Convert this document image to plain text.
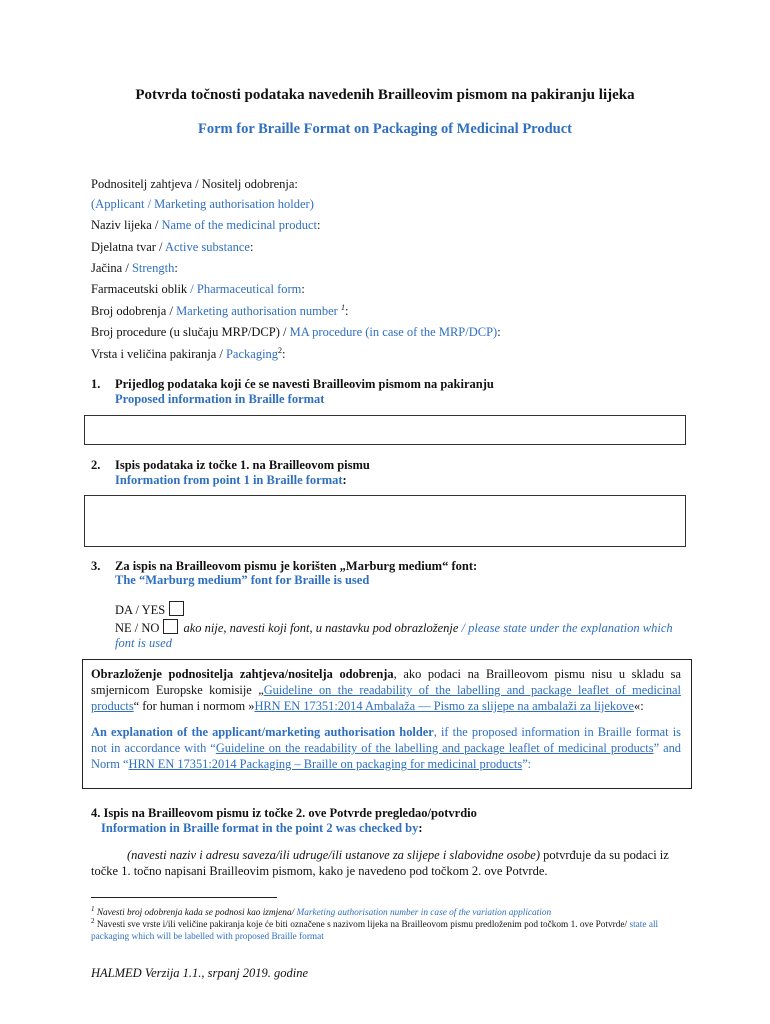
Potvrda točnosti podataka navedenih Brailleovim pismom na pakiranju lijeka
Form for Braille Format on Packaging of Medicinal Product
Podnositelj zahtjeva / Nositelj odobrenja:
(Applicant / Marketing authorisation holder)
Naziv lijeka / Name of the medicinal product:
Djelatna tvar / Active substance:
Jačina / Strength:
Farmaceutski oblik / Pharmaceutical form:
Broj odobrenja / Marketing authorisation number $^1$:
Broj procedure (u slučaju MRP/DCP) / MA procedure (in case of the MRP/DCP):
Vrsta i veličina pakiranja / Packaging$^2$:
1. Prijedlog podataka koji će se navesti Brailleovim pismom na pakiranju
Proposed information in Braille format
2. Ispis podataka iz točke 1. na Brailleovom pismu
Information from point 1 in Braille format:
3. Za ispis na Brailleovom pismu je korišten „Marburg medium“ font:
The “Marburg medium” font for Braille is used
DA / YES
NE / NO ako nije, navesti koji font, u nastavku pod obrazloženje / please state under the explanation which font is used

Obrazloženje podnositelja zahtjeva/nositelja odobrenja, ako podaci na Brailleovom pismu nisu u skladu sa smjernicom Europske komisije „Guideline on the readability of the labelling and package leaflet of medicinal products“ for human i normom »HRN EN 17351:2014 Ambalaža — Pismo za slijepe na ambalaži za lijekove«:

An explanation of the applicant/marketing authorisation holder, if the proposed information in Braille format is not in accordance with “Guideline on the readability of the labelling and package leaflet of medicinal products” and Norm “HRN EN 17351:2014 Packaging – Braille on packaging for medicinal products”:

4. Ispis na Brailleovom pismu iz točke 2. ove Potvrde pregledao/potvrdio
Information in Braille format in the point 2 was checked by:
(navesti naziv i adresu saveza/ili udruge/ili ustanove za slijepe i slabovidne osobe) potvrđuje da su podaci iz točke 1. točno napisani Brailleovim pismom, kako je navedeno pod točkom 2. ove Potvrde.
$^1$ Navesti broj odobrenja kada se podnosi kao izmjena/ Marketing authorisation number in case of the variation application
$^2$ Navesti sve vrste i/ili veličine pakiranja koje će biti označene s nazivom lijeka na Brailleovom pismu predloženim pod točkom 1. ove Potvrde/ state all packaging which will be labelled with proposed Braille format
HALMED Verzija 1.1., srpanj 2019. godine
